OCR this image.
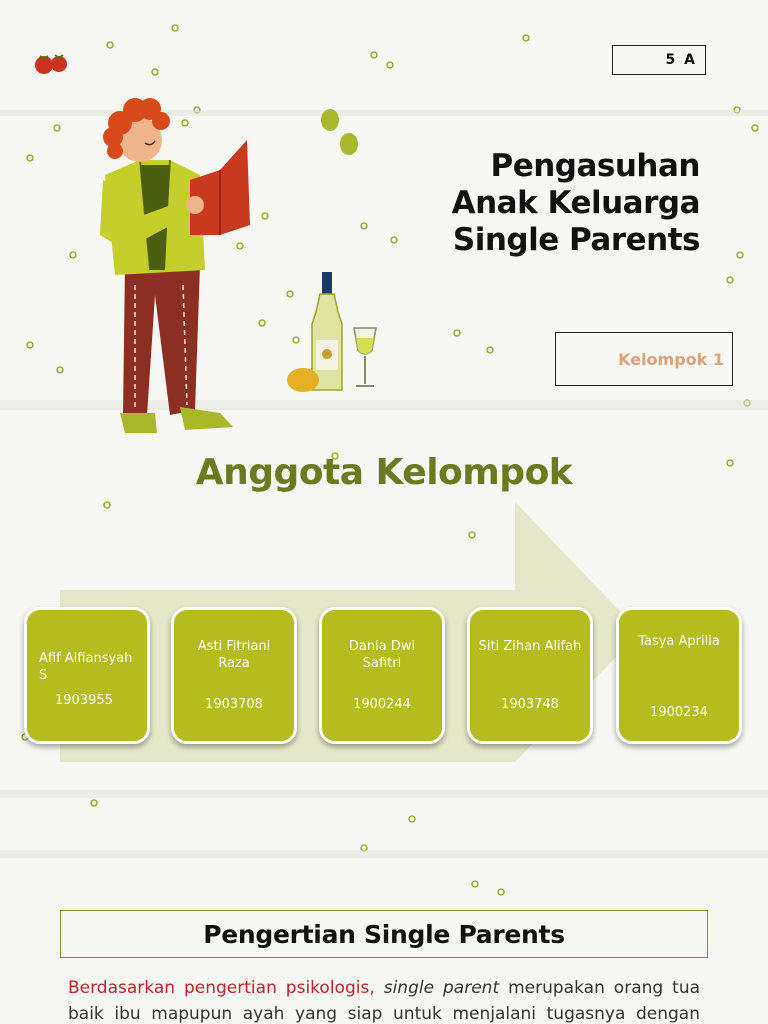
5 A
Pengasuhan
Anak Keluarga
Single Parents
Kelompok 1
Anggota Kelompok
Afif Alfiansyah S
1903955
Asti Fitriani Raza
1903708
Dania Dwi Safitri
1900244
Siti Zihan Alifah
1903748
Tasya Aprilia
1900234
Pengertian Single Parents
Berdasarkan pengertian psikologis, single parent merupakan orang tua baik ibu mapupun ayah yang siap untuk menjalani tugasnya dengan
